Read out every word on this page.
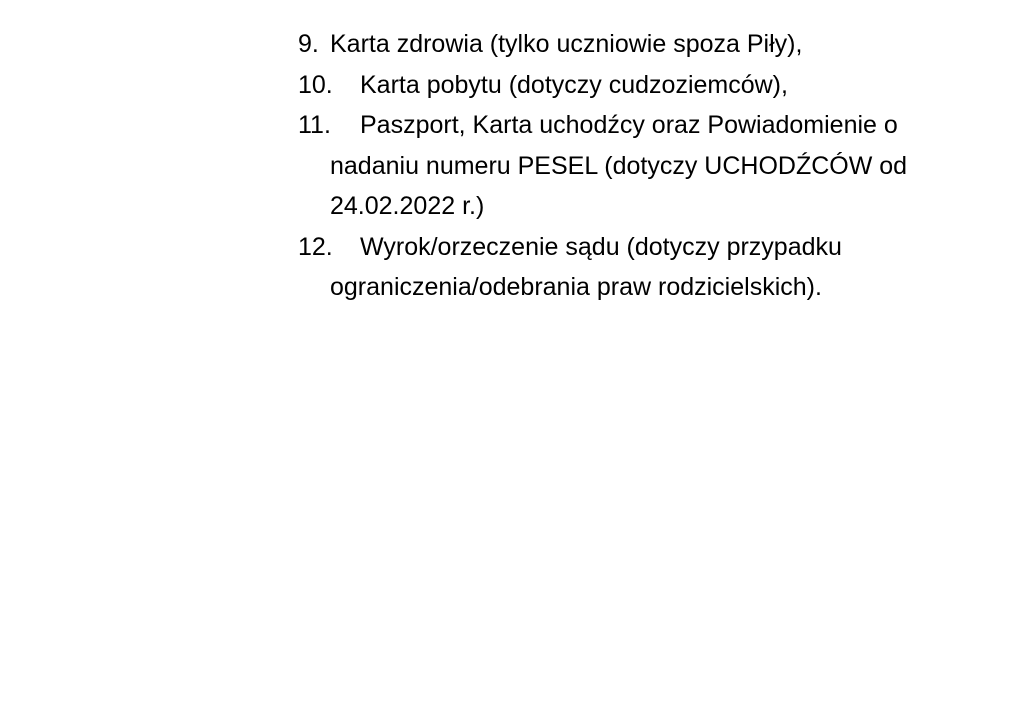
9. Karta zdrowia (tylko uczniowie spoza Piły),
10. Karta pobytu (dotyczy cudzoziemców),
11. Paszport, Karta uchodźcy oraz Powiadomienie o
nadaniu numeru PESEL (dotyczy UCHODŹCÓW od
24.02.2022 r.)
12. Wyrok/orzeczenie sądu (dotyczy przypadku
ograniczenia/odebrania praw rodzicielskich).
